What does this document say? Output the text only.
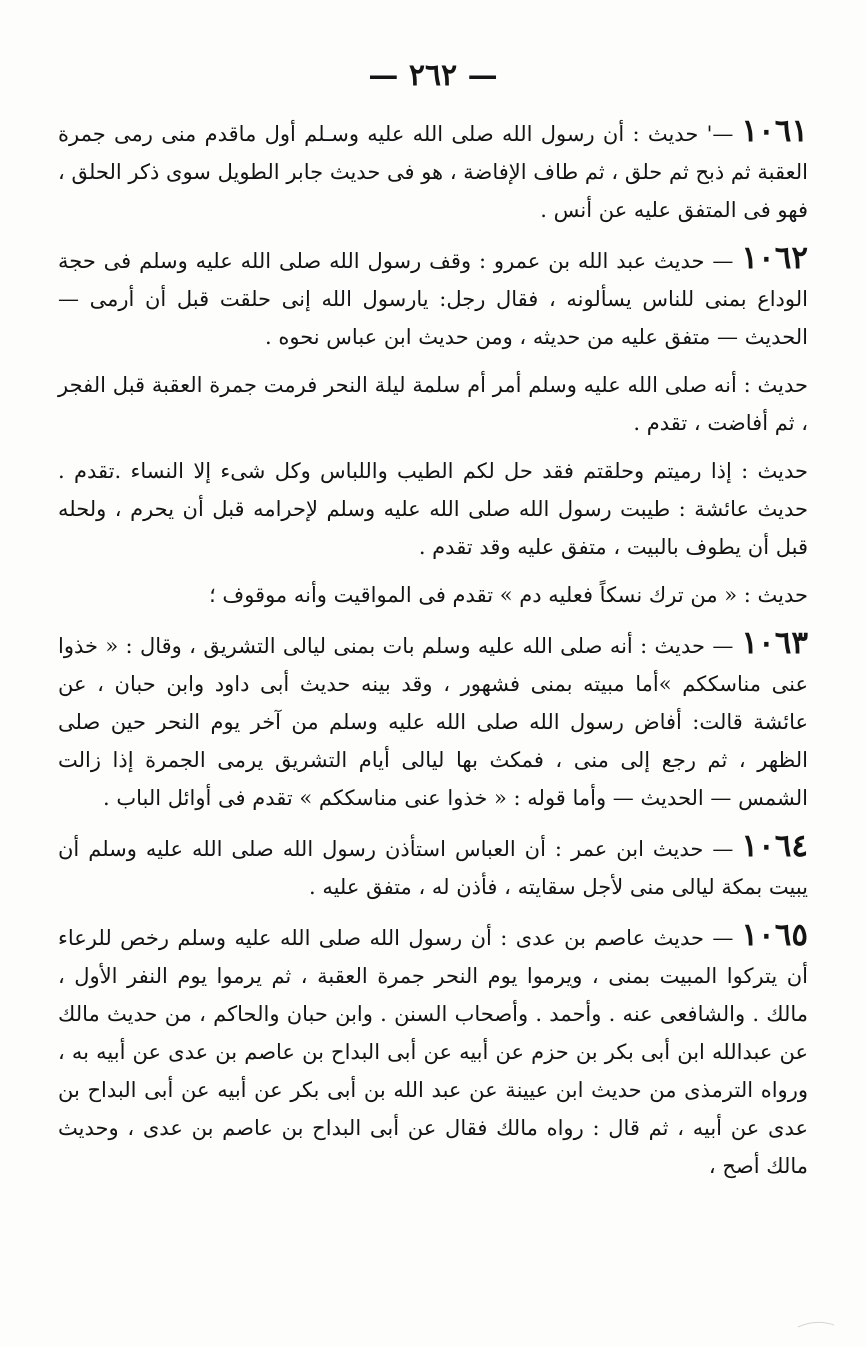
— ٢٦٢ —

١٠٦١—' حديث : أن رسول الله صلى الله عليه وسـلم أول ماقدم منى رمى جمرة العقبة ثم ذبح ثم حلق ، ثم طاف الإفاضة ، هو فى حديث جابر الطويل سوى ذكر الحلق ، فهو فى المتفق عليه عن أنس .

١٠٦٢— حديث عبد الله بن عمرو : وقف رسول الله صلى الله عليه وسلم فى حجة الوداع بمنى للناس يسألونه ، فقال رجل: يارسول الله إنى حلقت قبل أن أرمى — الحديث — متفق عليه من حديثه ، ومن حديث ابن عباس نحوه .

حديث : أنه صلى الله عليه وسلم أمر أم سلمة ليلة النحر فرمت جمرة العقبة قبل الفجر ، ثم أفاضت ، تقدم .

حديث : إذا رميتم وحلقتم فقد حل لكم الطيب واللباس وكل شىء إلا النساء .تقدم . حديث عائشة : طيبت رسول الله صلى الله عليه وسلم لإحرامه قبل أن يحرم ، ولحله قبل أن يطوف بالبيت ، متفق عليه وقد تقدم .

حديث : « من ترك نسكاً فعليه دم » تقدم فى المواقيت وأنه موقوف ؛

١٠٦٣— حديث : أنه صلى الله عليه وسلم بات بمنى ليالى التشريق ، وقال : « خذوا عنى مناسككم »أما مبيته بمنى فشهور ، وقد بينه حديث أبى داود وابن حبان ، عن عائشة قالت: أفاض رسول الله صلى الله عليه وسلم من آخر يوم النحر حين صلى الظهر ، ثم رجع إلى منى ، فمكث بها ليالى أيام التشريق يرمى الجمرة إذا زالت الشمس — الحديث — وأما قوله : « خذوا عنى مناسككم » تقدم فى أوائل الباب .

١٠٦٤— حديث ابن عمر : أن العباس استأذن رسول الله صلى الله عليه وسلم أن يبيت بمكة ليالى منى لأجل سقايته ، فأذن له ، متفق عليه .

١٠٦٥— حديث عاصم بن عدى : أن رسول الله صلى الله عليه وسلم رخص للرعاء أن يتركوا المبيت بمنى ، ويرموا يوم النحر جمرة العقبة ، ثم يرموا يوم النفر الأول ، مالك . والشافعى عنه . وأحمد . وأصحاب السنن . وابن حبان والحاكم ، من حديث مالك عن عبدالله ابن أبى بكر بن حزم عن أبيه عن أبى البداح بن عاصم بن عدى عن أبيه به ، ورواه الترمذى من حديث ابن عيينة عن عبد الله بن أبى بكر عن أبيه عن أبى البداح بن عدى عن أبيه ، ثم قال : رواه مالك فقال عن أبى البداح بن عاصم بن عدى ، وحديث مالك أصح ،
